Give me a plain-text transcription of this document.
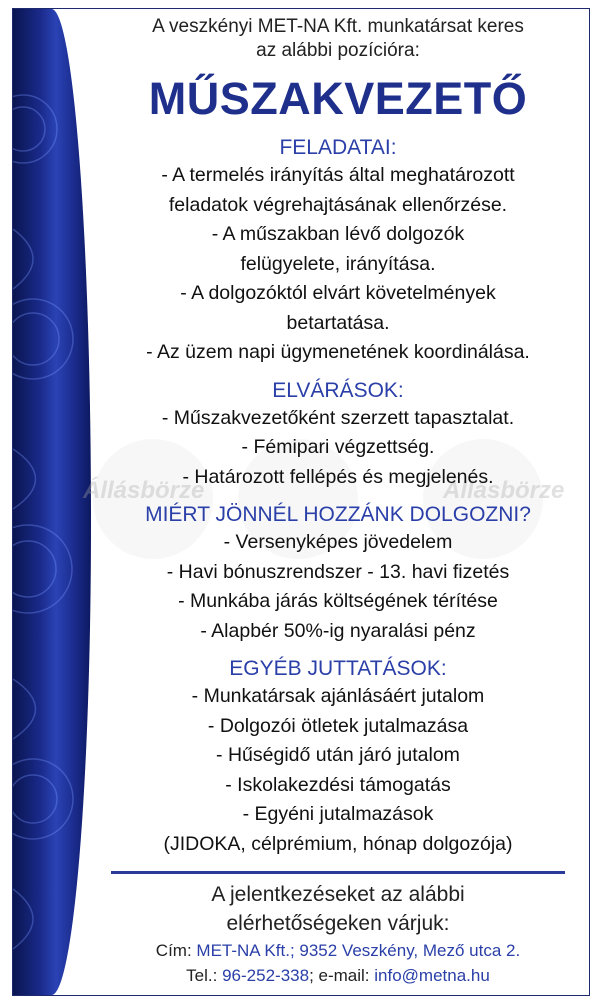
Állásbörze	Állásbörze
A veszkényi MET-NA Kft. munkatársat keres
az alábbi pozícióra:
MŰSZAKVEZETŐ
FELADATAI:
- A termelés irányítás által meghatározott
feladatok végrehajtásának ellenőrzése.
- A műszakban lévő dolgozók
felügyelete, irányítása.
- A dolgozóktól elvárt követelmények
betartatása.
- Az üzem napi ügymenetének koordinálása.
ELVÁRÁSOK:
- Műszakvezetőként szerzett tapasztalat.
- Fémipari végzettség.
- Határozott fellépés és megjelenés.
MIÉRT JÖNNÉL HOZZÁNK DOLGOZNI?
- Versenyképes jövedelem
- Havi bónuszrendszer - 13. havi fizetés
- Munkába járás költségének térítése
- Alapbér 50%-ig nyaralási pénz
EGYÉB JUTTATÁSOK:
- Munkatársak ajánlásáért jutalom
- Dolgozói ötletek jutalmazása
- Hűségidő után járó jutalom
- Iskolakezdési támogatás
- Egyéni jutalmazások
(JIDOKA, célprémium, hónap dolgozója)
A jelentkezéseket az alábbi
elérhetőségeken várjuk:
Cím: MET-NA Kft.; 9352 Veszkény, Mező utca 2.
Tel.: 96-252-338; e-mail: info@metna.hu
